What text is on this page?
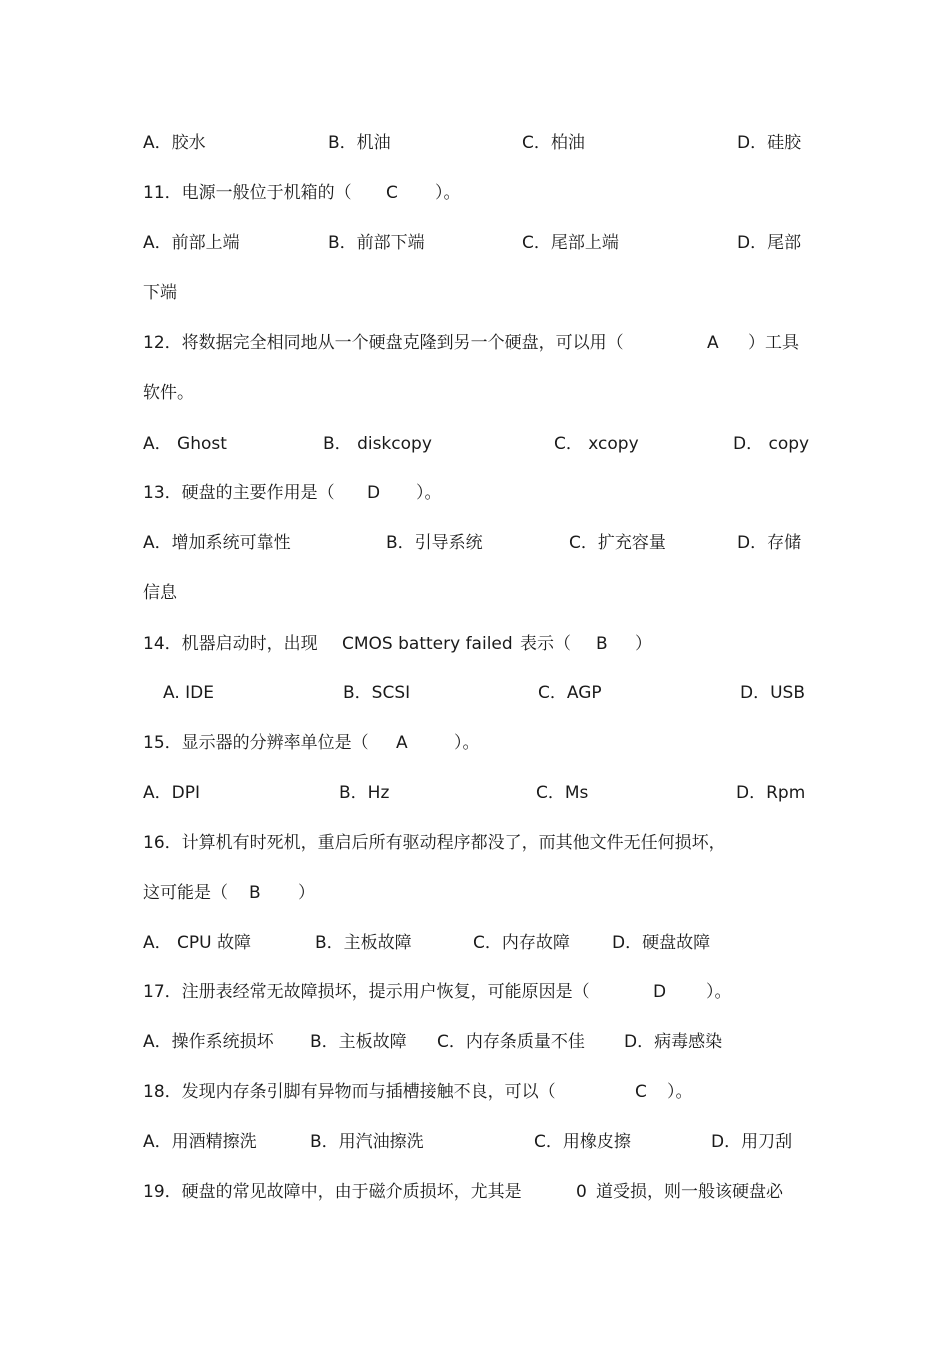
A．胶水	B．机油	C．柏油	D．硅胶
11．电源一般位于机箱的（ C ）。
A．前部上端	B．前部下端	C．尾部上端	D．尾部
下端
12．将数据完全相同地从一个硬盘克隆到另一个硬盘，可以用（	A ）工具
软件。
A． Ghost	B． diskcopy	C． xcopy	D． copy
13．硬盘的主要作用是（ D ）。
A．增加系统可靠性	B．引导系统	C．扩充容量	D．存储
信息
14．机器启动时，出现 CMOS battery failed 表示（ B ）
A. IDE	B．SCSI	C．AGP	D．USB
15．显示器的分辨率单位是（ A	）。
A．DPI	B．Hz	C．Ms	D．Rpm
16．计算机有时死机，重启后所有驱动程序都没了，而其他文件无任何损坏，
这可能是（ B ）
A． CPU 故障	B．主板故障	C．内存故障 D．硬盘故障
17．注册表经常无故障损坏，提示用户恢复，可能原因是（	D ）。
A．操作系统损坏 B．主板故障 C．内存条质量不佳 D．病毒感染
18．发现内存条引脚有异物而与插槽接触不良，可以（	C ）。
A．用酒精擦洗	B．用汽油擦洗	C．用橡皮擦	D．用刀刮
19．硬盘的常见故障中，由于磁介质损坏，尤其是	0 道受损，则一般该硬盘必
